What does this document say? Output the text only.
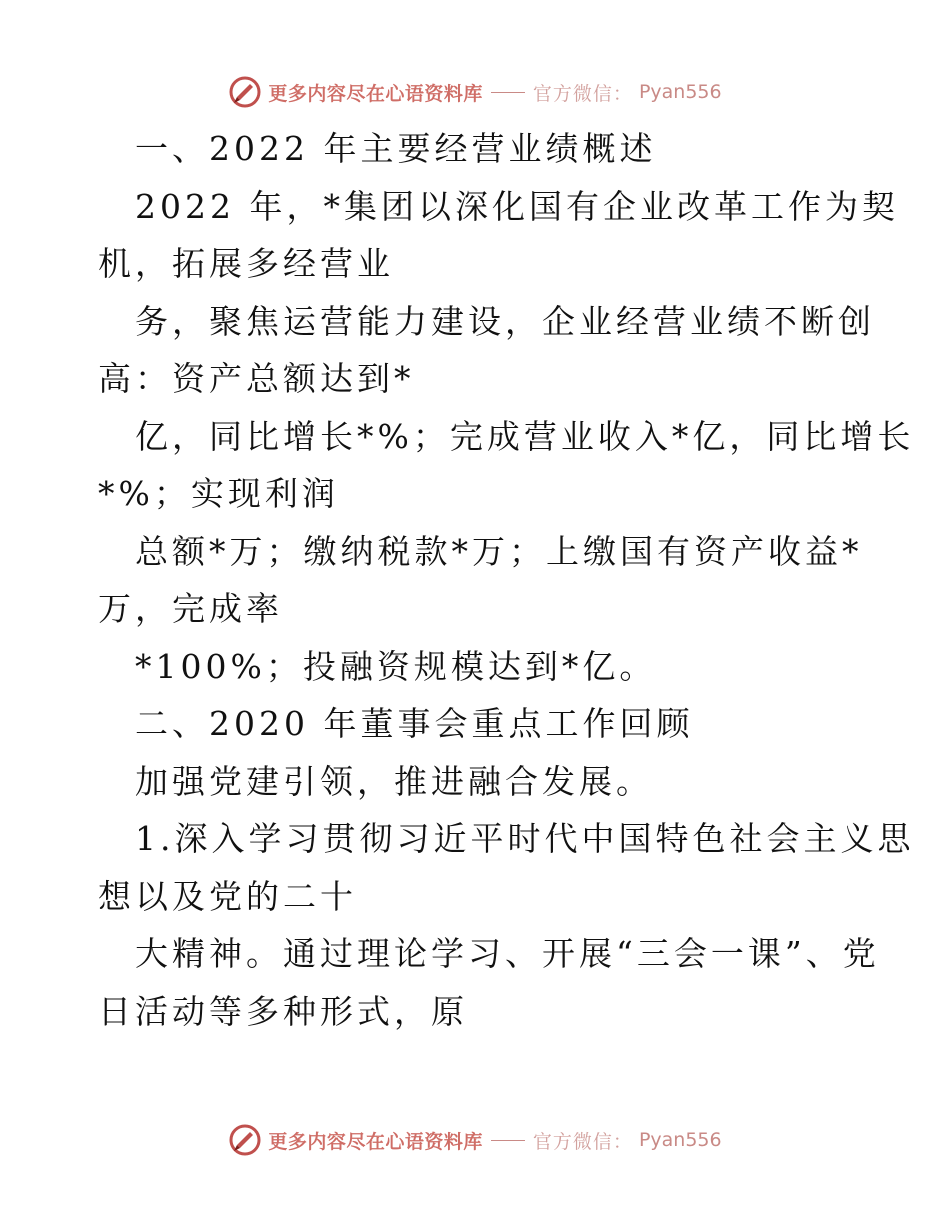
更多内容尽在心语资料库	官方微信： Pyan556
一、2022 年主要经营业绩概述
2022 年，*集团以深化国有企业改革工作为契
机，拓展多经营业
务，聚焦运营能力建设，企业经营业绩不断创
高：资产总额达到*
亿，同比增长*%；完成营业收入*亿，同比增长
*%；实现利润
总额*万；缴纳税款*万；上缴国有资产收益*
万，完成率
*100%；投融资规模达到*亿。
二、2020 年董事会重点工作回顾
加强党建引领，推进融合发展。
1.深入学习贯彻习近平时代中国特色社会主义思
想以及党的二十
大精神。通过理论学习、开展“三会一课”、党
日活动等多种形式，原
更多内容尽在心语资料库	官方微信： Pyan556
